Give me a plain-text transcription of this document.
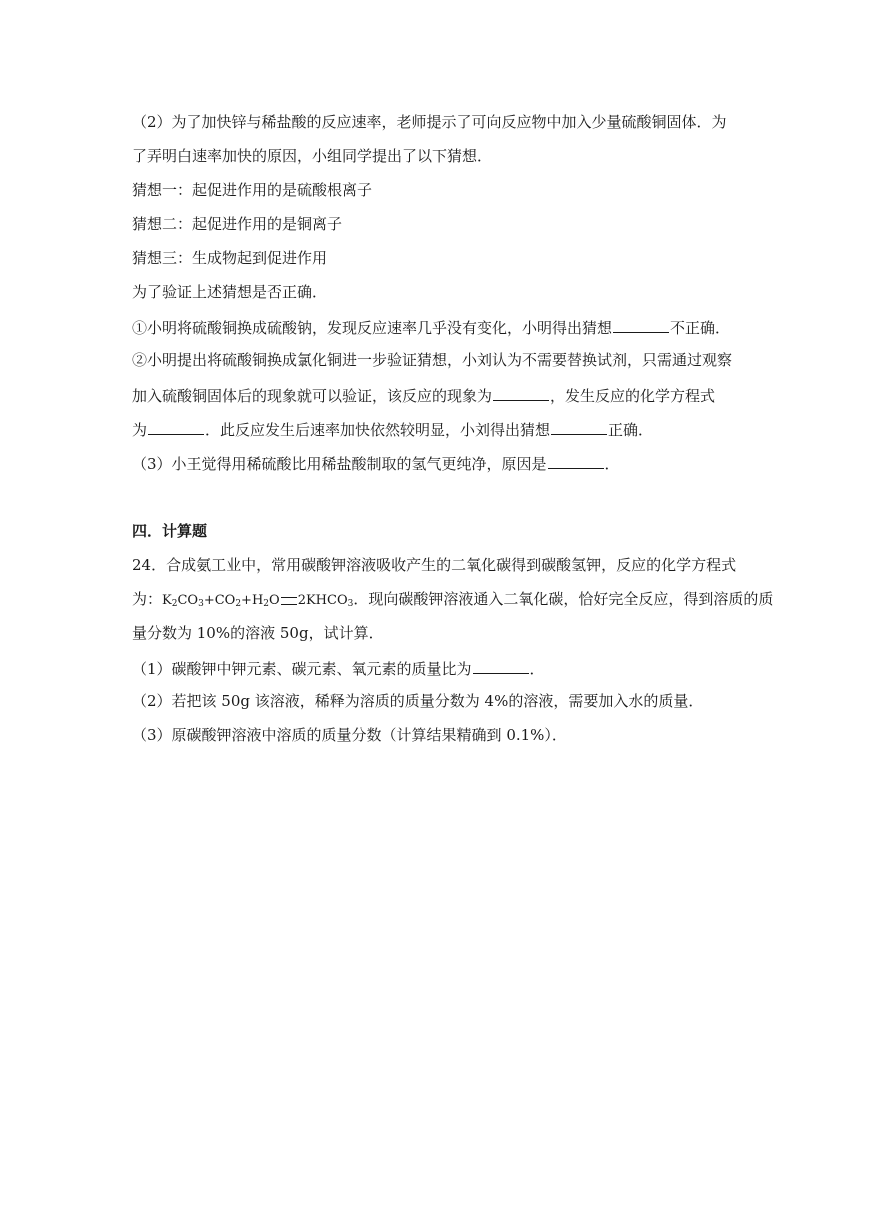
（2）为了加快锌与稀盐酸的反应速率，老师提示了可向反应物中加入少量硫酸铜固体．为
了弄明白速率加快的原因，小组同学提出了以下猜想．
猜想一：起促进作用的是硫酸根离子
猜想二：起促进作用的是铜离子
猜想三：生成物起到促进作用
为了验证上述猜想是否正确．
①小明将硫酸铜换成硫酸钠，发现反应速率几乎没有变化，小明得出猜想	不正确．
②小明提出将硫酸铜换成氯化铜进一步验证猜想，小刘认为不需要替换试剂，只需通过观察
加入硫酸铜固体后的现象就可以验证，该反应的现象为	，发生反应的化学方程式
为	．此反应发生后速率加快依然较明显，小刘得出猜想	正确．
（3）小王觉得用稀硫酸比用稀盐酸制取的氢气更纯净，原因是	．
四．计算题
24．合成氨工业中，常用碳酸钾溶液吸收产生的二氧化碳得到碳酸氢钾，反应的化学方程式
为：$K_2CO_3+CO_2+H_2O$ $2KHCO_3$．现向碳酸钾溶液通入二氧化碳，恰好完全反应，得到溶质的质
量分数为 10%的溶液 50g，试计算．
（1）碳酸钾中钾元素、碳元素、氧元素的质量比为	．
（2）若把该 50g 该溶液，稀释为溶质的质量分数为 4%的溶液，需要加入水的质量．
（3）原碳酸钾溶液中溶质的质量分数（计算结果精确到 0.1%）．
